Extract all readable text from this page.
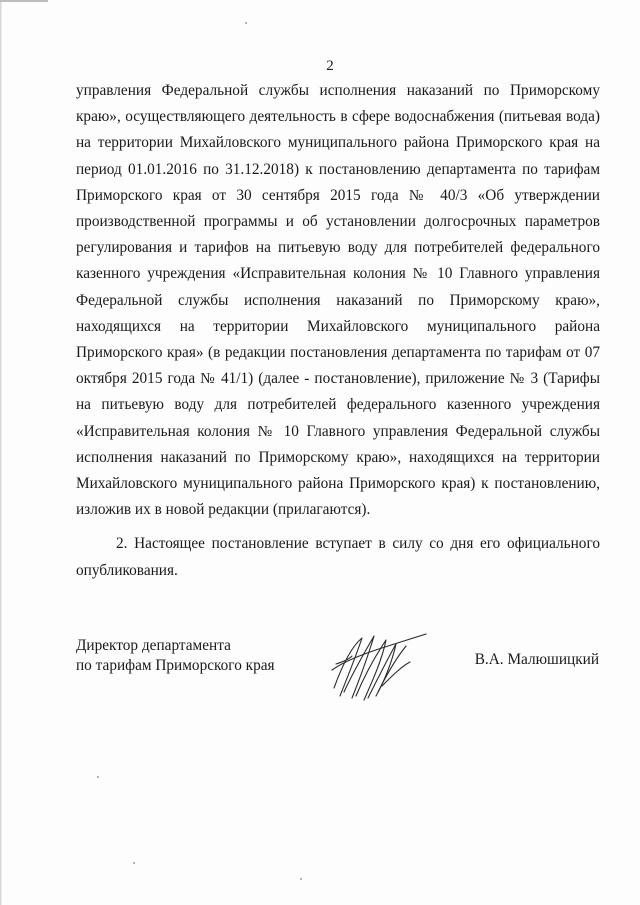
2

управления Федеральной службы исполнения наказаний по Приморскому краю», осуществляющего деятельность в сфере водоснабжения (питьевая вода) на территории Михайловского муниципального района Приморского края на период 01.01.2016 по 31.12.2018) к постановлению департамента по тарифам Приморского края от 30 сентября 2015 года № 40/3 «Об утверждении производственной программы и об установлении долгосрочных параметров регулирования и тарифов на питьевую воду для потребителей федерального казенного учреждения «Исправительная колония № 10 Главного управления Федеральной службы исполнения наказаний по Приморскому краю», находящихся на территории Михайловского муниципального района Приморского края» (в редакции постановления департамента по тарифам от 07 октября 2015 года № 41/1) (далее - постановление), приложение № 3 (Тарифы на питьевую воду для потребителей федерального казенного учреждения «Исправительная колония № 10 Главного управления Федеральной службы исполнения наказаний по Приморскому краю», находящихся на территории Михайловского муниципального района Приморского края) к постановлению, изложив их в новой редакции (прилагаются).

2. Настоящее постановление вступает в силу со дня его официального опубликования.

Директор департамента
по тарифам Приморского края	В.А. Малюшицкий
